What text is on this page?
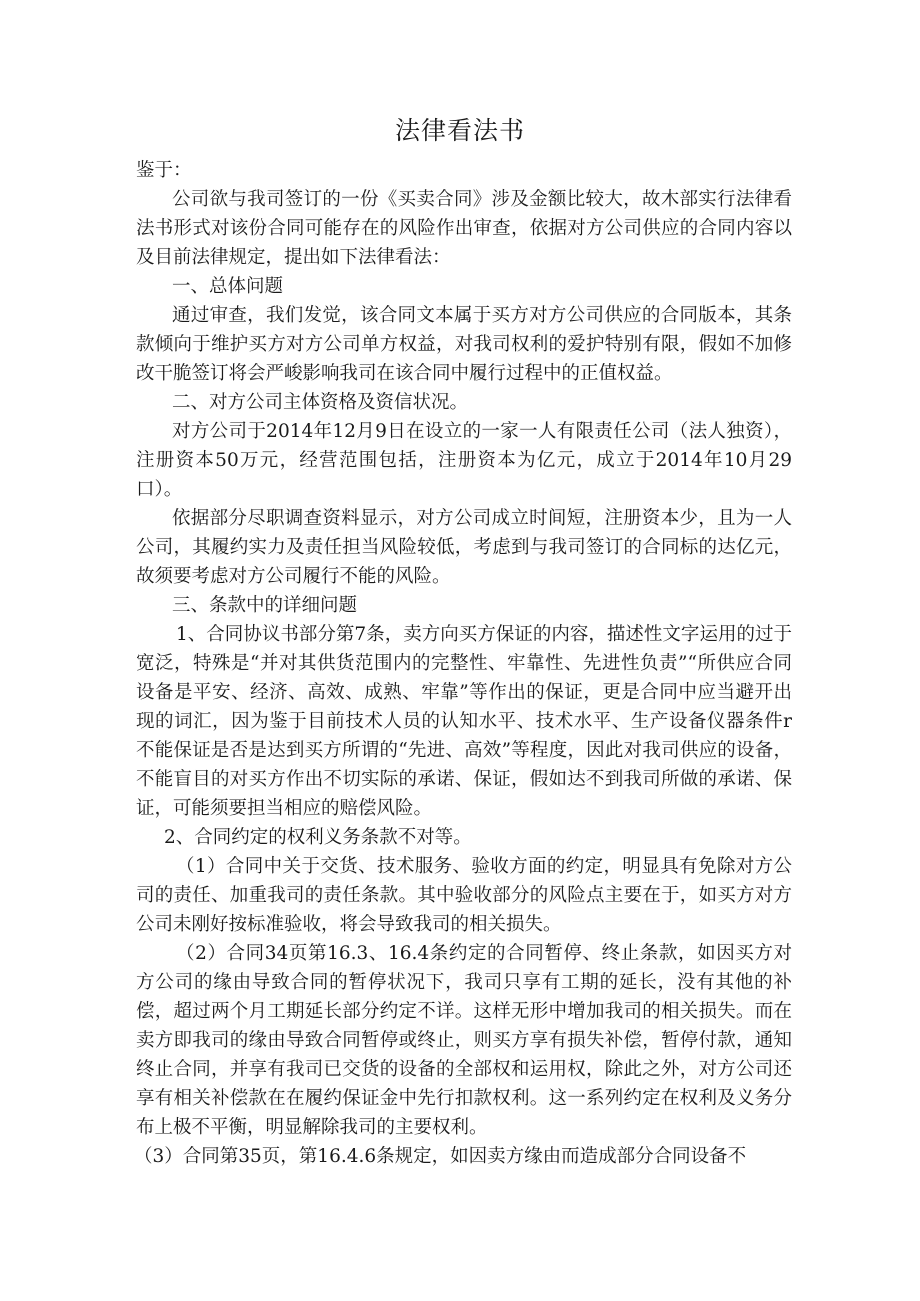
法律看法书

鉴于：

公司欲与我司签订的一份《买卖合同》涉及金额比较大，故木部实行法律看法书形式对该份合同可能存在的风险作出审查，依据对方公司供应的合同内容以及目前法律规定，提出如下法律看法：

一、总体问题

通过审查，我们发觉，该合同文本属于买方对方公司供应的合同版本，其条款倾向于维护买方对方公司单方权益，对我司权利的爱护特别有限，假如不加修改干脆签订将会严峻影响我司在该合同中履行过程中的正值权益。

二、对方公司主体资格及资信状况。

对方公司于2014年12月9日在设立的一家一人有限责任公司（法人独资），注册资本50万元，经营范围包括，注册资本为亿元，成立于2014年10月29口）。

依据部分尽职调查资料显示，对方公司成立时间短，注册资本少，且为一人公司，其履约实力及责任担当风险较低，考虑到与我司签订的合同标的达亿元，故须要考虑对方公司履行不能的风险。

三、条款中的详细问题

1、合同协议书部分第7条，卖方向买方保证的内容，描述性文字运用的过于宽泛，特殊是“并对其供货范围内的完整性、牢靠性、先进性负责”“所供应合同设备是平安、经济、高效、成熟、牢靠”等作出的保证，更是合同中应当避开出现的词汇，因为鉴于目前技术人员的认知水平、技术水平、生产设备仪器条件r不能保证是否是达到买方所谓的“先进、高效”等程度，因此对我司供应的设备，不能盲目的对买方作出不切实际的承诺、保证，假如达不到我司所做的承诺、保证，可能须要担当相应的赔偿风险。

2、合同约定的权利义务条款不对等。

（1）合同中关于交货、技术服务、验收方面的约定，明显具有免除对方公司的责任、加重我司的责任条款。其中验收部分的风险点主要在于，如买方对方公司未刚好按标准验收，将会导致我司的相关损失。

（2）合同34页第16.3、16.4条约定的合同暂停、终止条款，如因买方对方公司的缘由导致合同的暂停状况下，我司只享有工期的延长，没有其他的补偿，超过两个月工期延长部分约定不详。这样无形中增加我司的相关损失。而在卖方即我司的缘由导致合同暂停或终止，则买方享有损失补偿，暂停付款，通知终止合同，并享有我司已交货的设备的全部权和运用权，除此之外，对方公司还享有相关补偿款在在履约保证金中先行扣款权利。这一系列约定在权利及义务分布上极不平衡，明显解除我司的主要权利。

（3）合同第35页，第16.4.6条规定，如因卖方缘由而造成部分合同设备不
